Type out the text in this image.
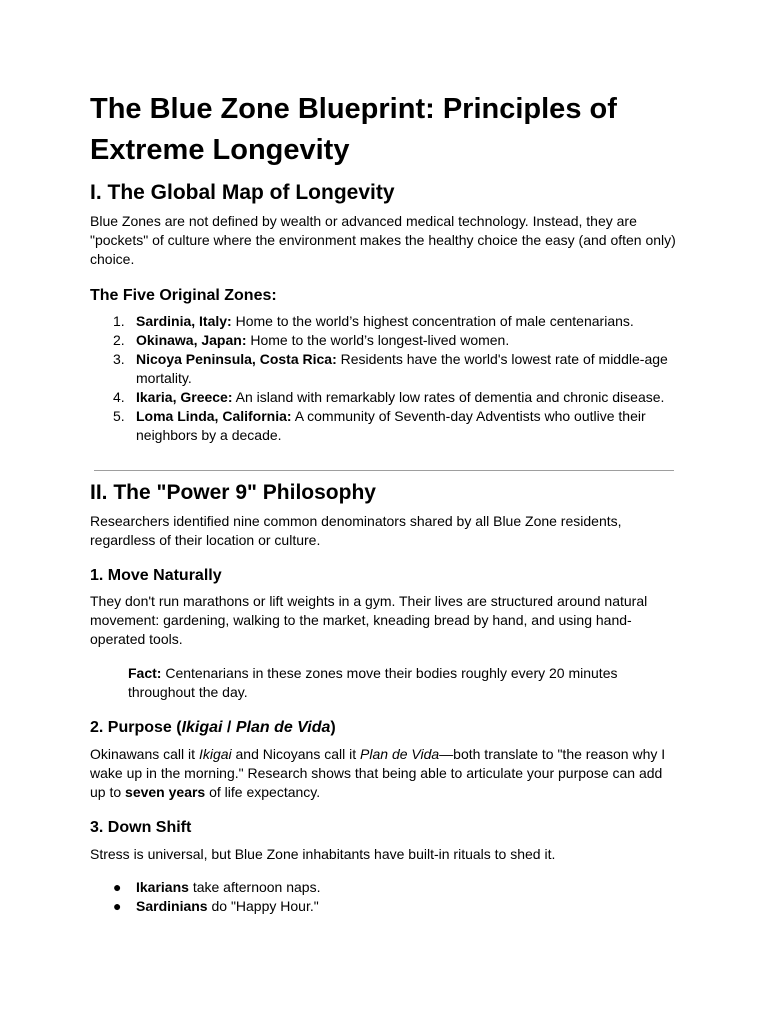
The Blue Zone Blueprint: Principles of Extreme Longevity
I. The Global Map of Longevity

Blue Zones are not defined by wealth or advanced medical technology. Instead, they are "pockets" of culture where the environment makes the healthy choice the easy (and often only) choice.

The Five Original Zones:
1. Sardinia, Italy: Home to the world’s highest concentration of male centenarians.
2. Okinawa, Japan: Home to the world’s longest-lived women.
3. Nicoya Peninsula, Costa Rica: Residents have the world's lowest rate of middle-age mortality.
4. Ikaria, Greece: An island with remarkably low rates of dementia and chronic disease.
5. Loma Linda, California: A community of Seventh-day Adventists who outlive their neighbors by a decade.
II. The "Power 9" Philosophy

Researchers identified nine common denominators shared by all Blue Zone residents, regardless of their location or culture.

1. Move Naturally

They don't run marathons or lift weights in a gym. Their lives are structured around natural movement: gardening, walking to the market, kneading bread by hand, and using hand-operated tools.

Fact: Centenarians in these zones move their bodies roughly every 20 minutes throughout the day.

2. Purpose (Ikigai / Plan de Vida)

Okinawans call it Ikigai and Nicoyans call it Plan de Vida—both translate to "the reason why I wake up in the morning." Research shows that being able to articulate your purpose can add up to seven years of life expectancy.

3. Down Shift

Stress is universal, but Blue Zone inhabitants have built-in rituals to shed it.

● Ikarians take afternoon naps.
● Sardinians do "Happy Hour."
